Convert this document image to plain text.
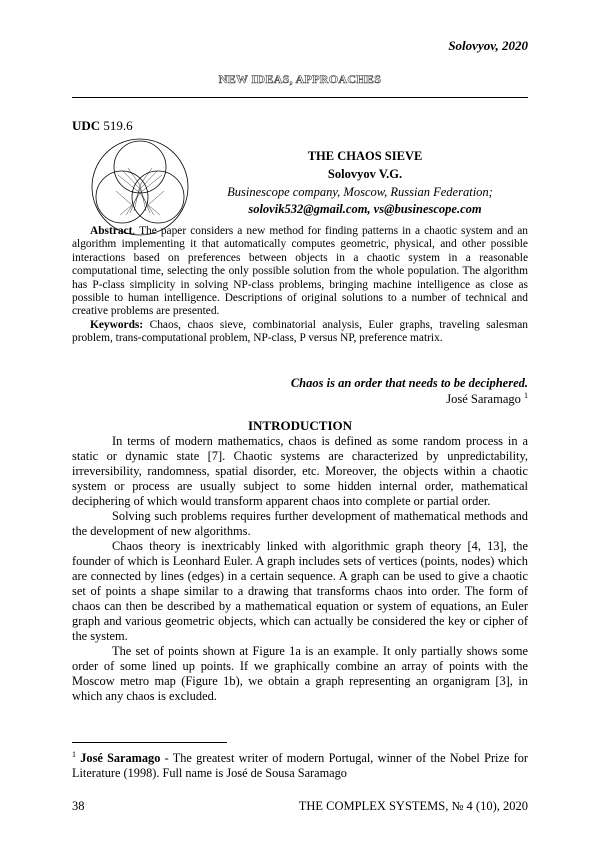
Solovyov, 2020
NEW IDEAS, APPROACHES
UDC 519.6
THE CHAOS SIEVE
Solovyov V.G.
Businescope company, Moscow, Russian Federation;
solovik532@gmail.com, vs@businescope.com

Abstract. The paper considers a new method for finding patterns in a chaotic system and an algorithm implementing it that automatically computes geometric, physical, and other possible interactions based on preferences between objects in a chaotic system in a reasonable computational time, selecting the only possible solution from the whole population. The algorithm has P-class simplicity in solving NP-class problems, bringing machine intelligence as close as possible to human intelligence. Descriptions of original solutions to a number of technical and creative problems are presented.

Keywords: Chaos, chaos sieve, combinatorial analysis, Euler graphs, traveling salesman problem, trans-computational problem, NP-class, P versus NP, preference matrix.

Chaos is an order that needs to be deciphered.
José Saramago $^1$
INTRODUCTION

In terms of modern mathematics, chaos is defined as some random process in a static or dynamic state [7]. Chaotic systems are characterized by unpredictability, irreversibility, randomness, spatial disorder, etc. Moreover, the objects within a chaotic system or process are usually subject to some hidden internal order, mathematical deciphering of which would transform apparent chaos into complete or partial order.

Solving such problems requires further development of mathematical methods and the development of new algorithms.

Chaos theory is inextricably linked with algorithmic graph theory [4, 13], the founder of which is Leonhard Euler. A graph includes sets of vertices (points, nodes) which are connected by lines (edges) in a certain sequence. A graph can be used to give a chaotic set of points a shape similar to a drawing that transforms chaos into order. The form of chaos can then be described by a mathematical equation or system of equations, an Euler graph and various geometric objects, which can actually be considered the key or cipher of the system.

The set of points shown at Figure 1a is an example. It only partially shows some order of some lined up points. If we graphically combine an array of points with the Moscow metro map (Figure 1b), we obtain a graph representing an organigram [3], in which any chaos is excluded.

$^1$ José Saramago - The greatest writer of modern Portugal, winner of the Nobel Prize for Literature (1998). Full name is José de Sousa Saramago
38	THE COMPLEX SYSTEMS, № 4 (10), 2020
